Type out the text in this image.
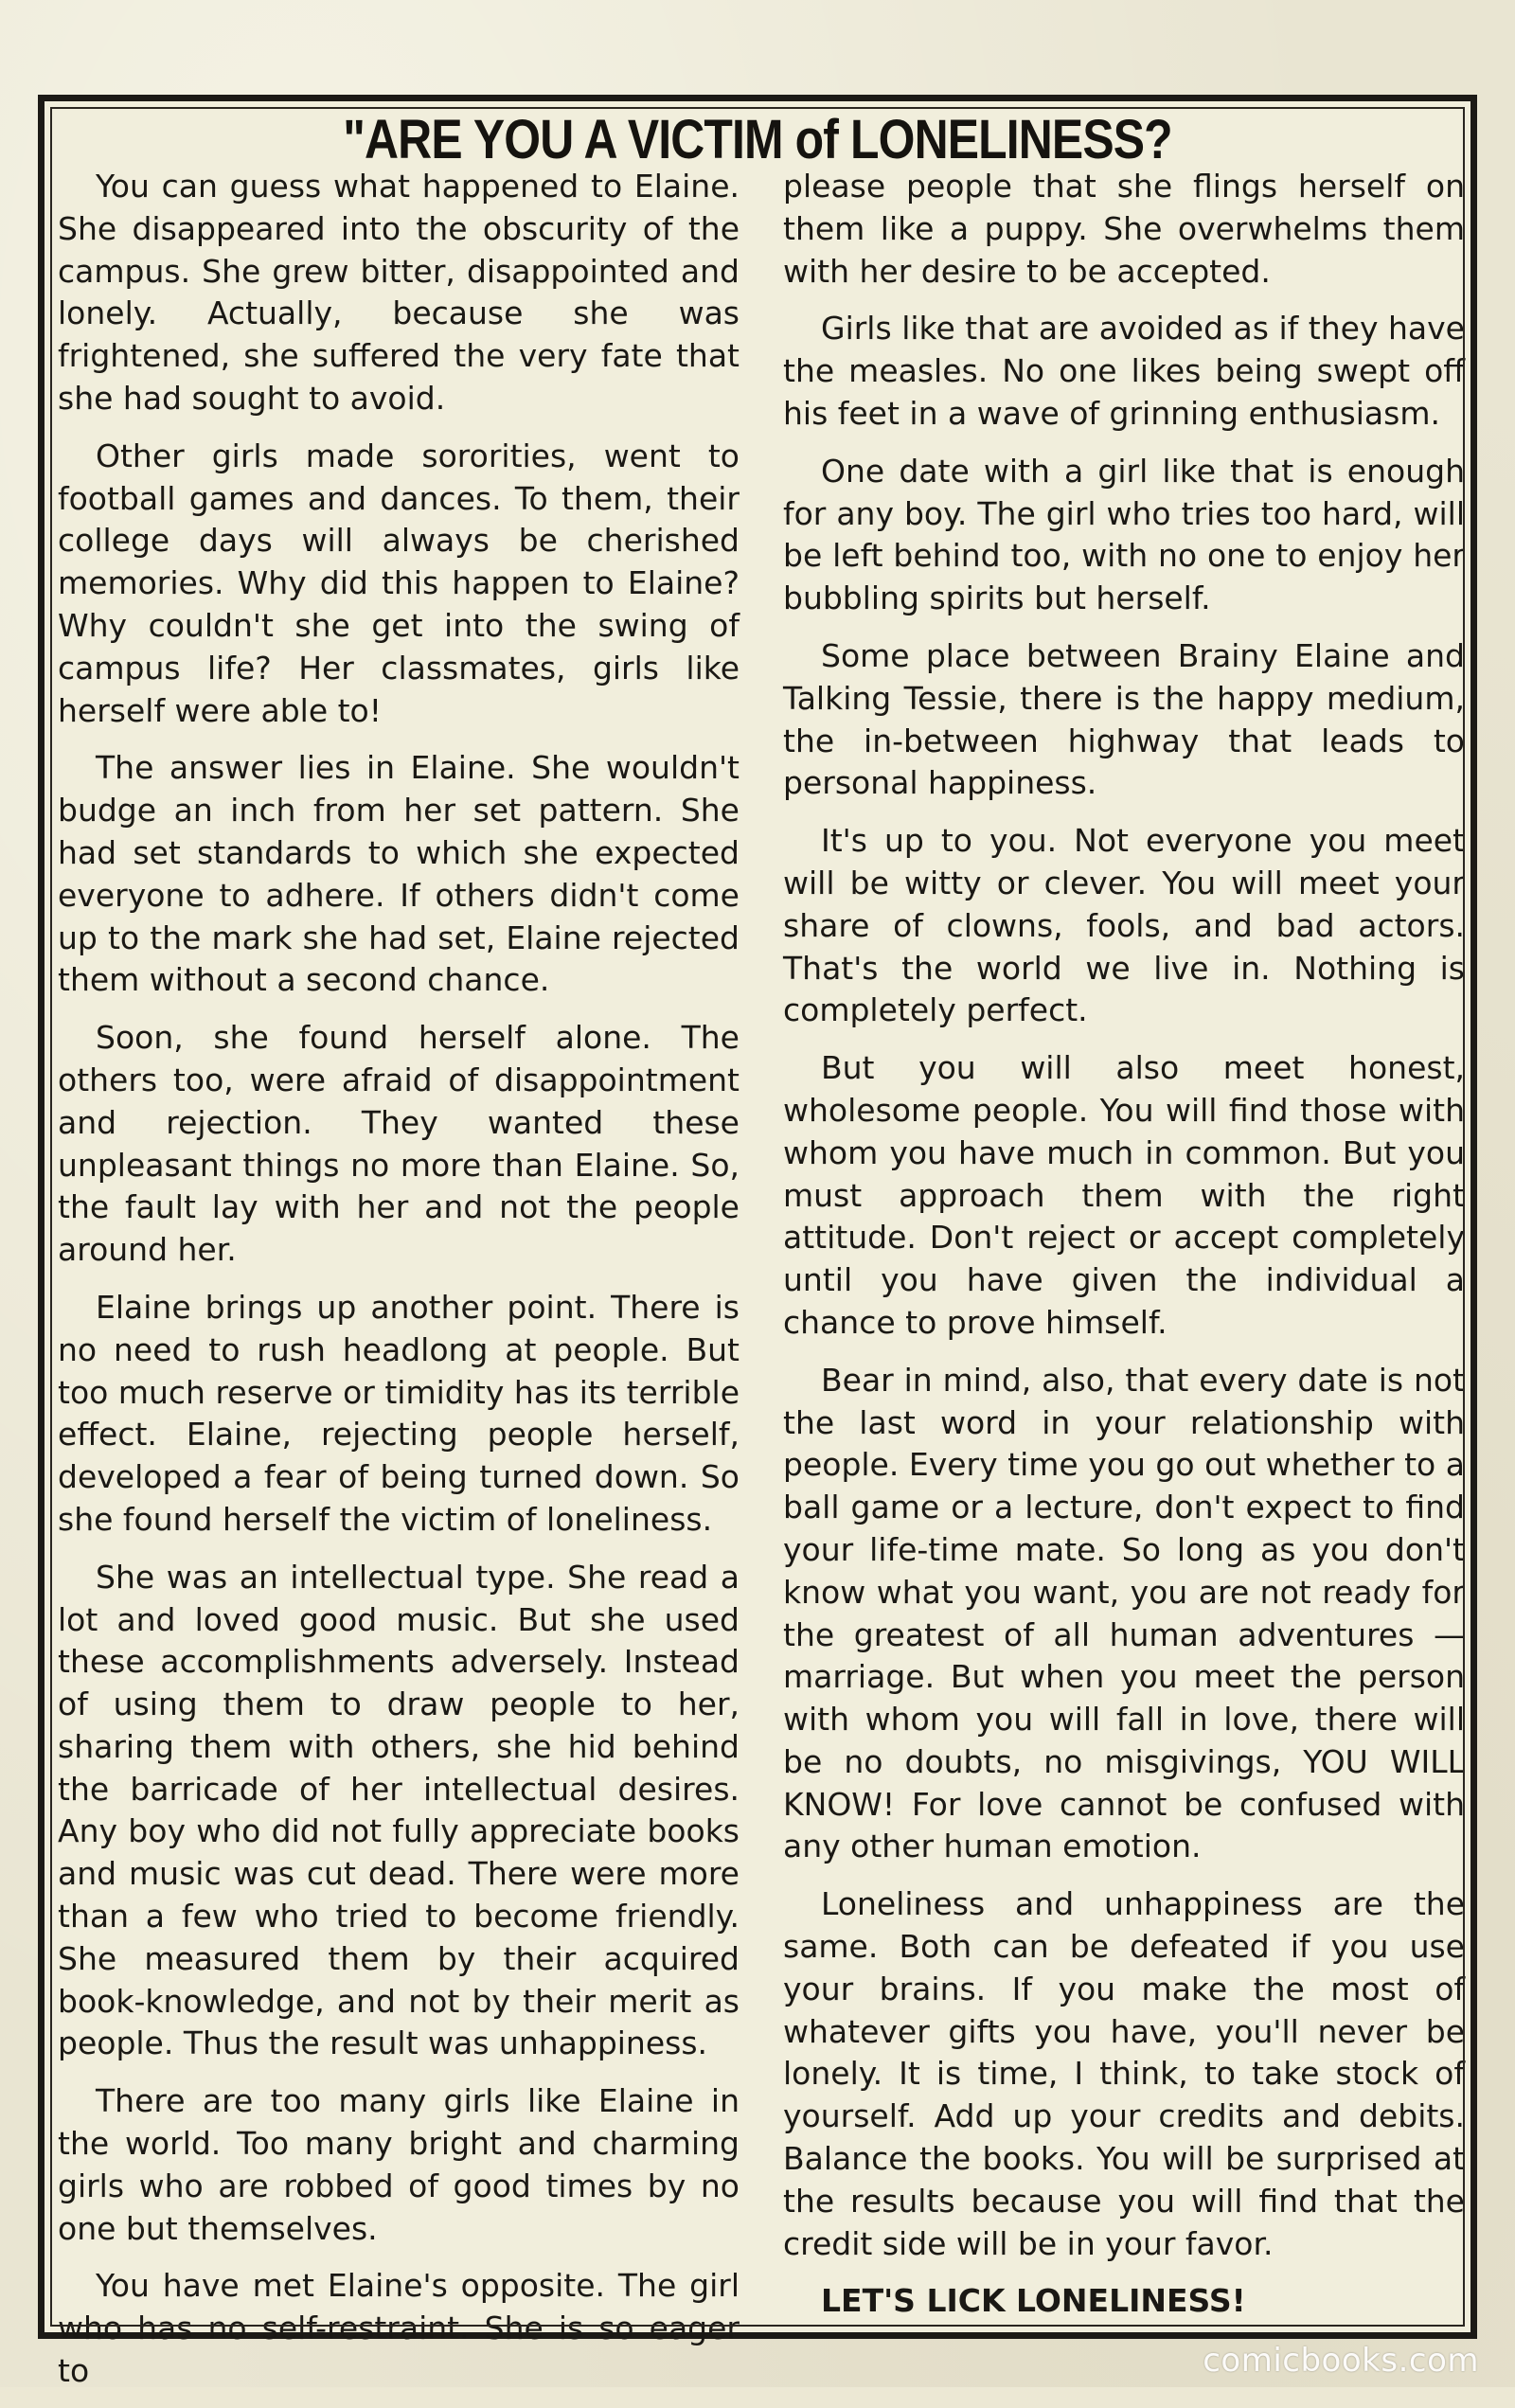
"ARE YOU A VICTIM of LONELINESS?

You can guess what happened to Elaine. She disappeared into the obscurity of the campus. She grew bitter, disappointed and lonely. Actually, because she was frightened, she suffered the very fate that she had sought to avoid.

Other girls made sororities, went to football games and dances. To them, their college days will always be cherished memories. Why did this happen to Elaine? Why couldn't she get into the swing of campus life? Her classmates, girls like herself were able to!

The answer lies in Elaine. She wouldn't budge an inch from her set pattern. She had set standards to which she expected everyone to adhere. If others didn't come up to the mark she had set, Elaine rejected them without a second chance.

Soon, she found herself alone. The others too, were afraid of disappointment and rejection. They wanted these unpleasant things no more than Elaine. So, the fault lay with her and not the people around her.

Elaine brings up another point. There is no need to rush headlong at people. But too much reserve or timidity has its terrible effect. Elaine, rejecting people herself, developed a fear of being turned down. So she found herself the victim of loneliness.

She was an intellectual type. She read a lot and loved good music. But she used these accomplishments adversely. Instead of using them to draw people to her, sharing them with others, she hid behind the barricade of her intellectual desires. Any boy who did not fully appreciate books and music was cut dead. There were more than a few who tried to become friendly. She measured them by their acquired book-knowledge, and not by their merit as people. Thus the result was unhappiness.

There are too many girls like Elaine in the world. Too many bright and charming girls who are robbed of good times by no one but themselves.

You have met Elaine's opposite. The girl who has no self-restraint. She is so eager to

please people that she flings herself on them like a puppy. She overwhelms them with her desire to be accepted.

Girls like that are avoided as if they have the measles. No one likes being swept off his feet in a wave of grinning enthusiasm.

One date with a girl like that is enough for any boy. The girl who tries too hard, will be left behind too, with no one to enjoy her bubbling spirits but herself.

Some place between Brainy Elaine and Talking Tessie, there is the happy medium, the in-between highway that leads to personal happiness.

It's up to you. Not everyone you meet will be witty or clever. You will meet your share of clowns, fools, and bad actors. That's the world we live in. Nothing is completely perfect.

But you will also meet honest, wholesome people. You will find those with whom you have much in common. But you must approach them with the right attitude. Don't reject or accept completely until you have given the individual a chance to prove himself.

Bear in mind, also, that every date is not the last word in your relationship with people. Every time you go out whether to a ball game or a lecture, don't expect to find your life-time mate. So long as you don't know what you want, you are not ready for the greatest of all human adventures — marriage. But when you meet the person with whom you will fall in love, there will be no doubts, no misgivings, YOU WILL KNOW! For love cannot be confused with any other human emotion.

Loneliness and unhappiness are the same. Both can be defeated if you use your brains. If you make the most of whatever gifts you have, you'll never be lonely. It is time, I think, to take stock of yourself. Add up your credits and debits. Balance the books. You will be surprised at the results because you will find that the credit side will be in your favor.

LET'S LICK LONELINESS!

comicbooks.com
